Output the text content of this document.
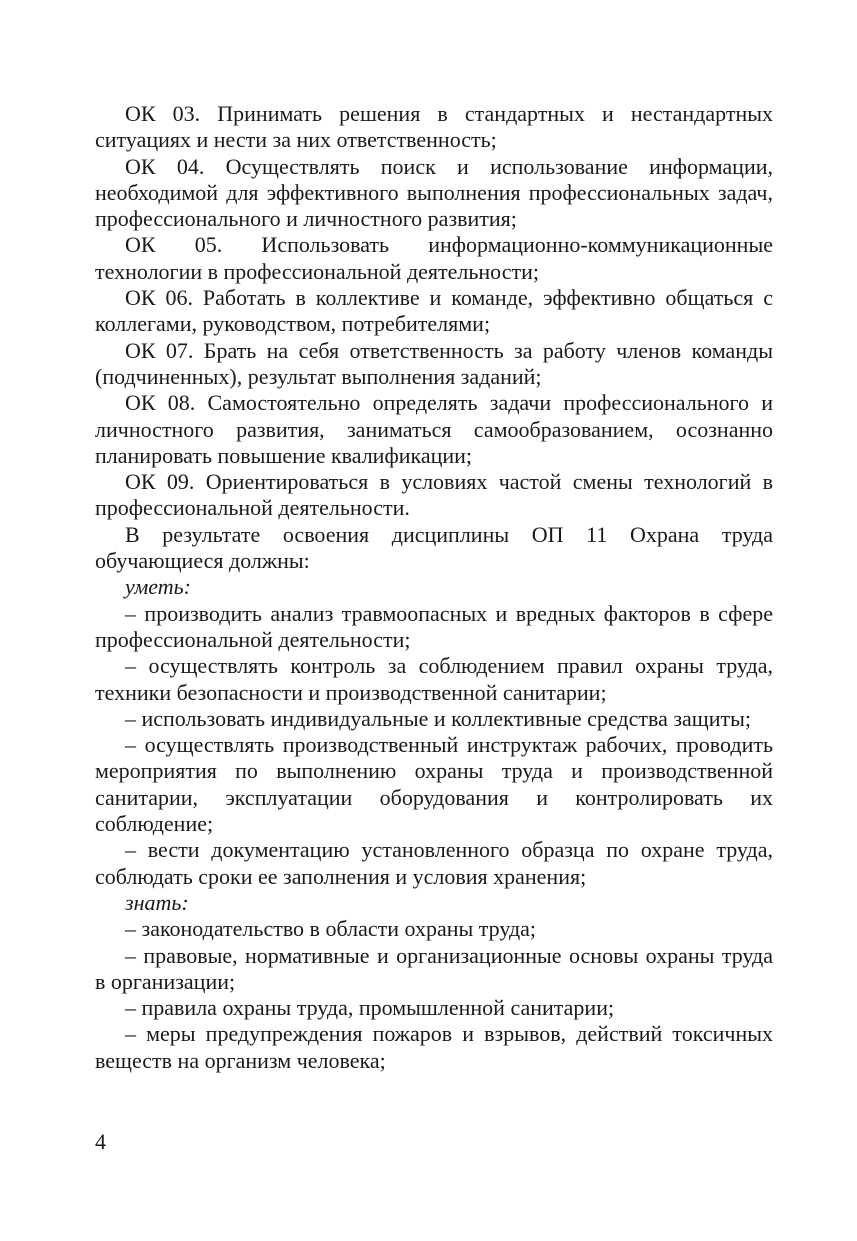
ОК 03. Принимать решения в стандартных и нестандартных ситуациях и нести за них ответственность;

ОК 04. Осуществлять поиск и использование информации, необходимой для эффективного выполнения профессиональных задач, профессионального и личностного развития;

ОК 05. Использовать информационно-коммуникационные технологии в профессиональной деятельности;

ОК 06. Работать в коллективе и команде, эффективно общаться с коллегами, руководством, потребителями;

ОК 07. Брать на себя ответственность за работу членов команды (подчиненных), результат выполнения заданий;

ОК 08. Самостоятельно определять задачи профессионального и личностного развития, заниматься самообразованием, осознанно планировать повышение квалификации;

ОК 09. Ориентироваться в условиях частой смены технологий в профессиональной деятельности.

В результате освоения дисциплины ОП 11 Охрана труда обучающиеся должны:

уметь:

– производить анализ травмоопасных и вредных факторов в сфере профессиональной деятельности;

– осуществлять контроль за соблюдением правил охраны труда, техники безопасности и производственной санитарии;

– использовать индивидуальные и коллективные средства защиты;

– осуществлять производственный инструктаж рабочих, проводить мероприятия по выполнению охраны труда и производственной санитарии, эксплуатации оборудования и контролировать их соблюдение;

– вести документацию установленного образца по охране труда, соблюдать сроки ее заполнения и условия хранения;

знать:

– законодательство в области охраны труда;

– правовые, нормативные и организационные основы охраны труда в организации;

– правила охраны труда, промышленной санитарии;

– меры предупреждения пожаров и взрывов, действий токсичных веществ на организм человека;

4
